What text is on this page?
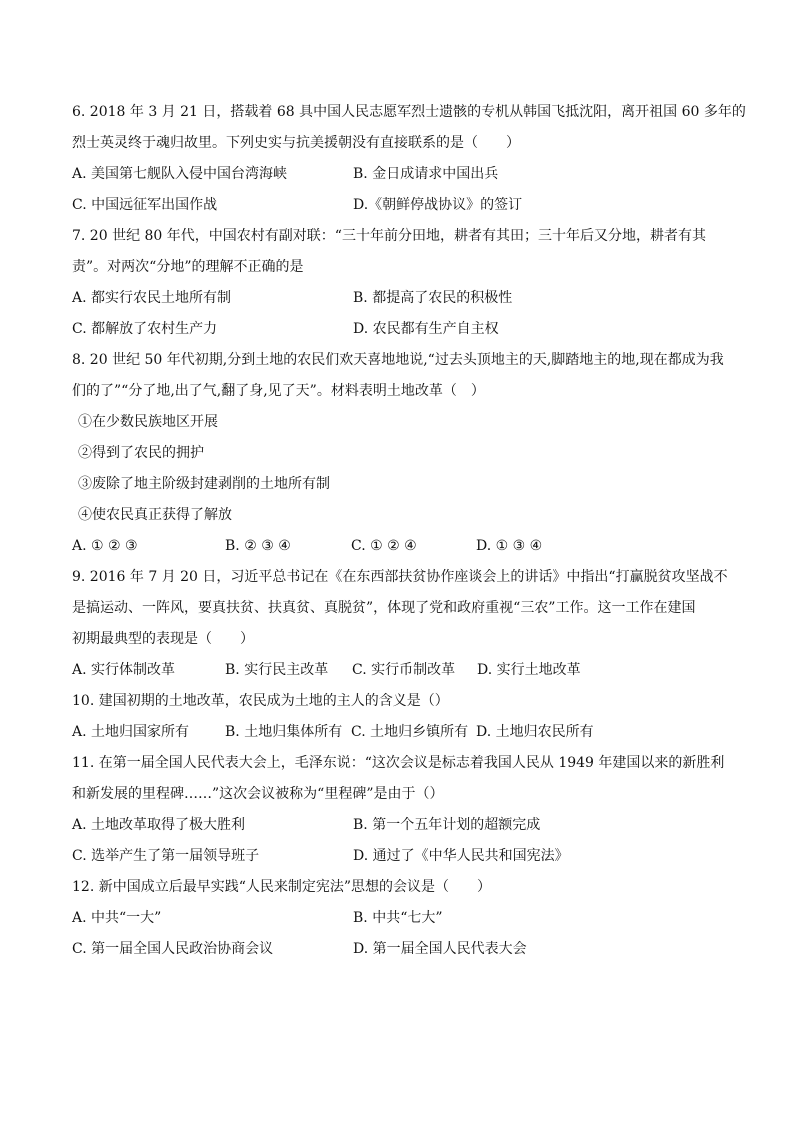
6. 2018 年 3 月 21 日，搭载着 68 具中国人民志愿军烈士遗骸的专机从韩国飞抵沈阳，离开祖国 60 多年的
烈士英灵终于魂归故里。下列史实与抗美援朝没有直接联系的是（　　）
A. 美国第七舰队入侵中国台湾海峡	B. 金日成请求中国出兵
C. 中国远征军出国作战	D.《朝鲜停战协议》的签订
7. 20 世纪 80 年代，中国农村有副对联：“三十年前分田地，耕者有其田；三十年后又分地，耕者有其
责”。对两次“分地”的理解不正确的是
A. 都实行农民土地所有制	B. 都提高了农民的积极性
C. 都解放了农村生产力	D. 农民都有生产自主权
8. 20 世纪 50 年代初期,分到土地的农民们欢天喜地地说,“过去头顶地主的天,脚踏地主的地,现在都成为我
们的了”“分了地,出了气,翻了身,见了天”。材料表明土地改革（　）
①在少数民族地区开展
②得到了农民的拥护
③废除了地主阶级封建剥削的土地所有制
④使农民真正获得了解放
A. ① ② ③	B. ② ③ ④	C. ① ② ④	D. ① ③ ④
9. 2016 年 7 月 20 日，习近平总书记在《在东西部扶贫协作座谈会上的讲话》中指出“打赢脱贫攻坚战不
是搞运动、一阵风，要真扶贫、扶真贫、真脱贫”，体现了党和政府重视“三农”工作。这一工作在建国
初期最典型的表现是（　　）
A. 实行体制改革	B. 实行民主改革	C. 实行币制改革	D. 实行土地改革
10. 建国初期的土地改革，农民成为土地的主人的含义是（）
A. 土地归国家所有	B. 土地归集体所有 C. 土地归乡镇所有 D. 土地归农民所有
11. 在第一届全国人民代表大会上，毛泽东说：“这次会议是标志着我国人民从 1949 年建国以来的新胜利
和新发展的里程碑……”这次会议被称为“里程碑”是由于（）
A. 土地改革取得了极大胜利	B. 第一个五年计划的超额完成
C. 选举产生了第一届领导班子	D. 通过了《中华人民共和国宪法》
12. 新中国成立后最早实践“人民来制定宪法”思想的会议是（　　）
A. 中共“一大”	B. 中共“七大”
C. 第一届全国人民政治协商会议	D. 第一届全国人民代表大会
